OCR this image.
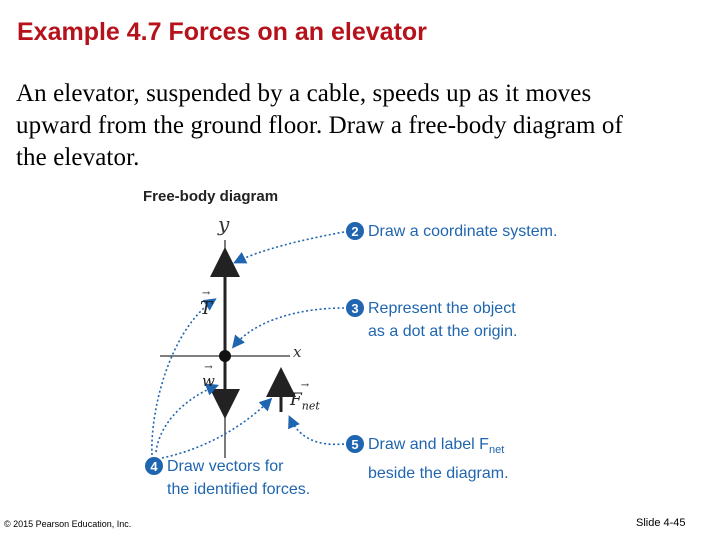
Example 4.7 Forces on an elevator
An elevator, suspended by a cable, speeds up as it moves
upward from the ground floor. Draw a free-body diagram of
the elevator.
Free-body diagram
y
x
→
T
→
w	→
$F_{net}$
2 Draw a coordinate system.
3 Represent the object
as a dot at the origin.
5 Draw and label $F_{net}$
beside the diagram.
4 Draw vectors for
the identified forces.
© 2015 Pearson Education, Inc.	Slide 4-45
